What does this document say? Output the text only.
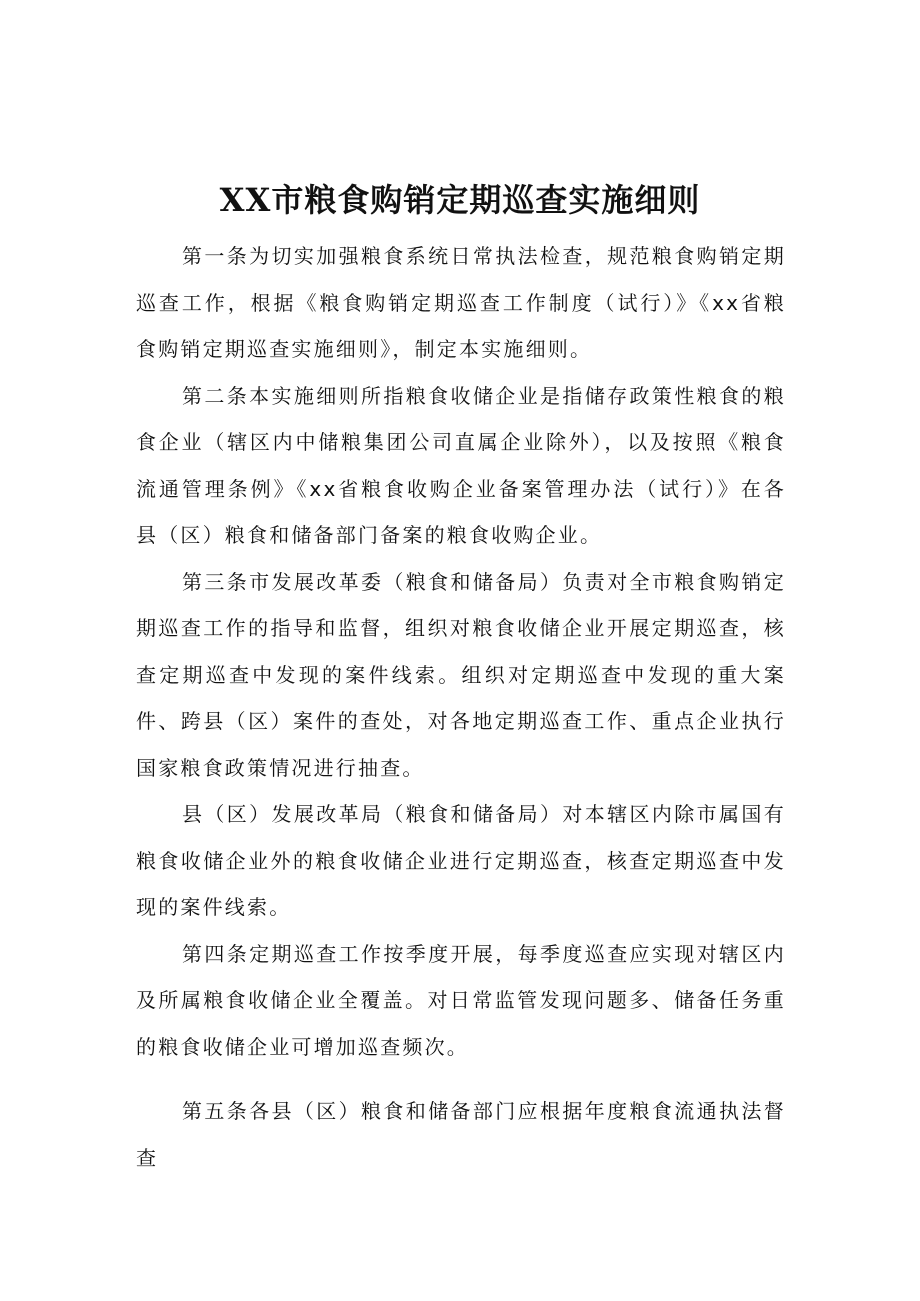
XX市粮食购销定期巡查实施细则

第一条为切实加强粮食系统日常执法检查，规范粮食购销定期巡查工作，根据《粮食购销定期巡查工作制度（试行）》《xx省粮食购销定期巡查实施细则》，制定本实施细则。

第二条本实施细则所指粮食收储企业是指储存政策性粮食的粮食企业（辖区内中储粮集团公司直属企业除外），以及按照《粮食流通管理条例》《xx省粮食收购企业备案管理办法（试行）》在各县（区）粮食和储备部门备案的粮食收购企业。

第三条市发展改革委（粮食和储备局）负责对全市粮食购销定期巡查工作的指导和监督，组织对粮食收储企业开展定期巡查，核查定期巡查中发现的案件线索。组织对定期巡查中发现的重大案件、跨县（区）案件的查处，对各地定期巡查工作、重点企业执行国家粮食政策情况进行抽查。

县（区）发展改革局（粮食和储备局）对本辖区内除市属国有粮食收储企业外的粮食收储企业进行定期巡查，核查定期巡查中发现的案件线索。

第四条定期巡查工作按季度开展，每季度巡查应实现对辖区内及所属粮食收储企业全覆盖。对日常监管发现问题多、储备任务重的粮食收储企业可增加巡查频次。

第五条各县（区）粮食和储备部门应根据年度粮食流通执法督查
